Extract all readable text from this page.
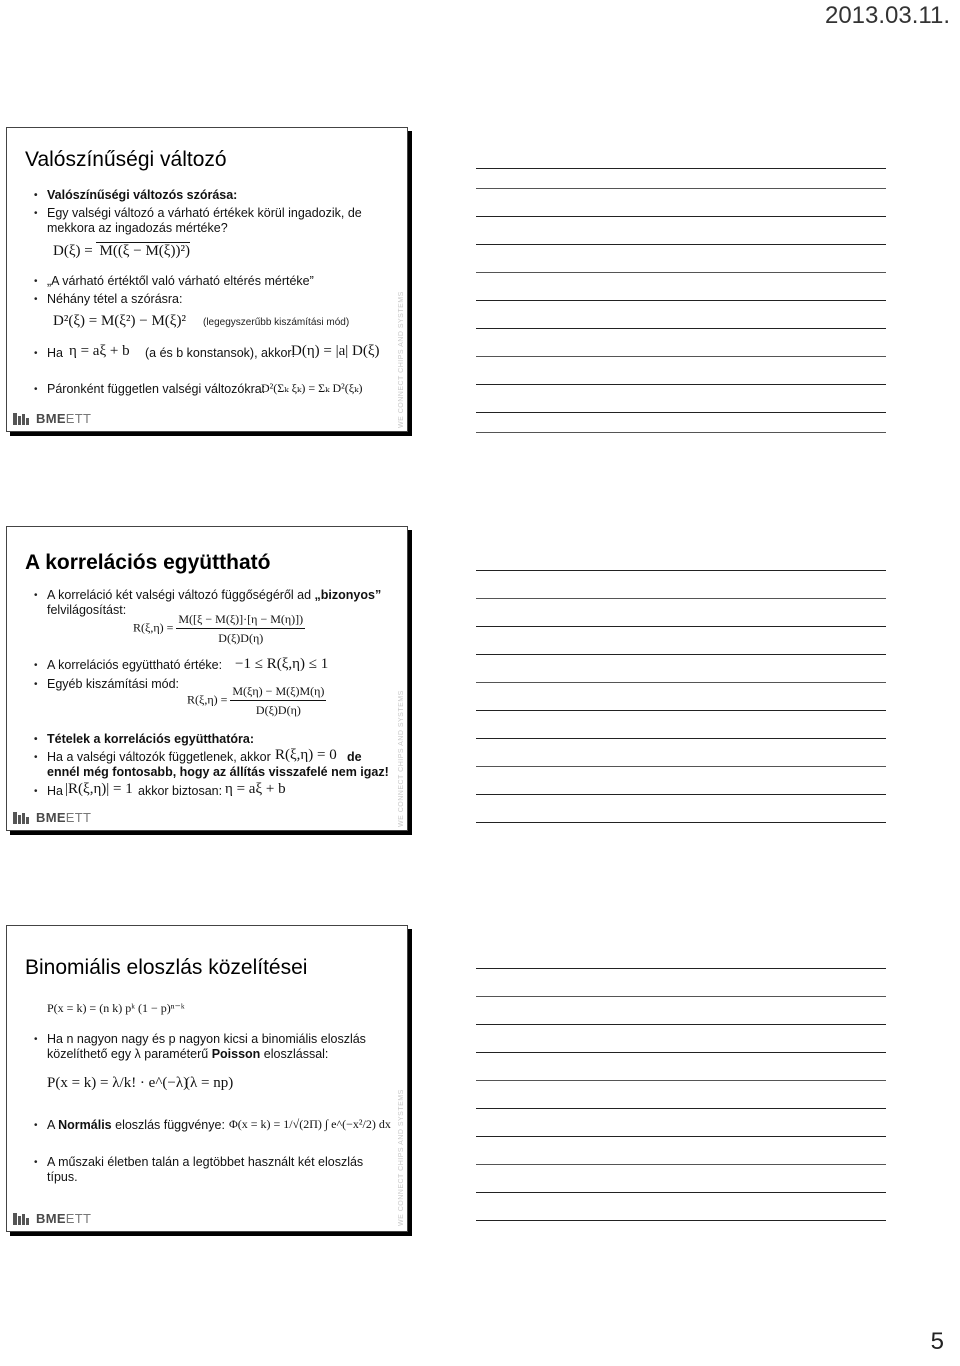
2013.03.11.
Valószínűségi változó
• Valószínűségi változós szórása:
• Egy valségi változó a várható értékek körül ingadozik, de
mekkora az ingadozás mértéke?
D(ξ) = M((ξ − M(ξ))²)
• „A várható értéktől való várható eltérés mértéke”
• Néhány tétel a szórásra:
D²(ξ) = M(ξ²) − M(ξ)² (legegyszerűbb kiszámítási mód)
• Ha η = aξ + b (a és b konstansok), akkor:
D(η) = |a| D(ξ)
• Páronként független valségi változókra:
D²(Σₖ ξₖ) = Σₖ D²(ξₖ)	WE CONNECT CHIPS AND SYSTEMS
BMEETT
A korrelációs együttható
• A korreláció két valségi változó függőségéről ad „bizonyos”
felvilágosítást:
$R(\xi,\eta) = \frac{M([\xi - M(\xi)]\cdot[\eta - M(\eta)])}{D(\xi)D(\eta)}$
• A korrelációs együttható értéke: −1 ≤ R(ξ,η) ≤ 1
• Egyéb kiszámítási mód:
$R(\xi,\eta) = \frac{M(\xi\eta) - M(\xi)M(\eta)}{D(\xi)D(\eta)}$
• Tételek a korrelációs együtthatóra:
• Ha a valségi változók függetlenek, akkor R(ξ,η) = 0 de
ennél még fontosabb, hogy az állítás visszafelé nem igaz!
• Ha |R(ξ,η)| = 1 akkor biztosan: η = aξ + b	WE CONNECT CHIPS AND SYSTEMS
BMEETT
Binomiális eloszlás közelítései
P(x = k) = (n k) pᵏ (1 − p)ⁿ⁻ᵏ
• Ha n nagyon nagy és p nagyon kicsi a binomiális eloszlás
közelíthető egy λ paraméterű Poisson eloszlással:
P(x = k) = λ/k! · e^(−λ)
(λ = np)
• A Normális eloszlás függvénye: Φ(x = k) = 1/√(2Π) ∫ e^(−x²/2) dx
• A műszaki életben talán a legtöbbet használt két eloszlás
típus.	WE CONNECT CHIPS AND SYSTEMS
BMEETT
5
